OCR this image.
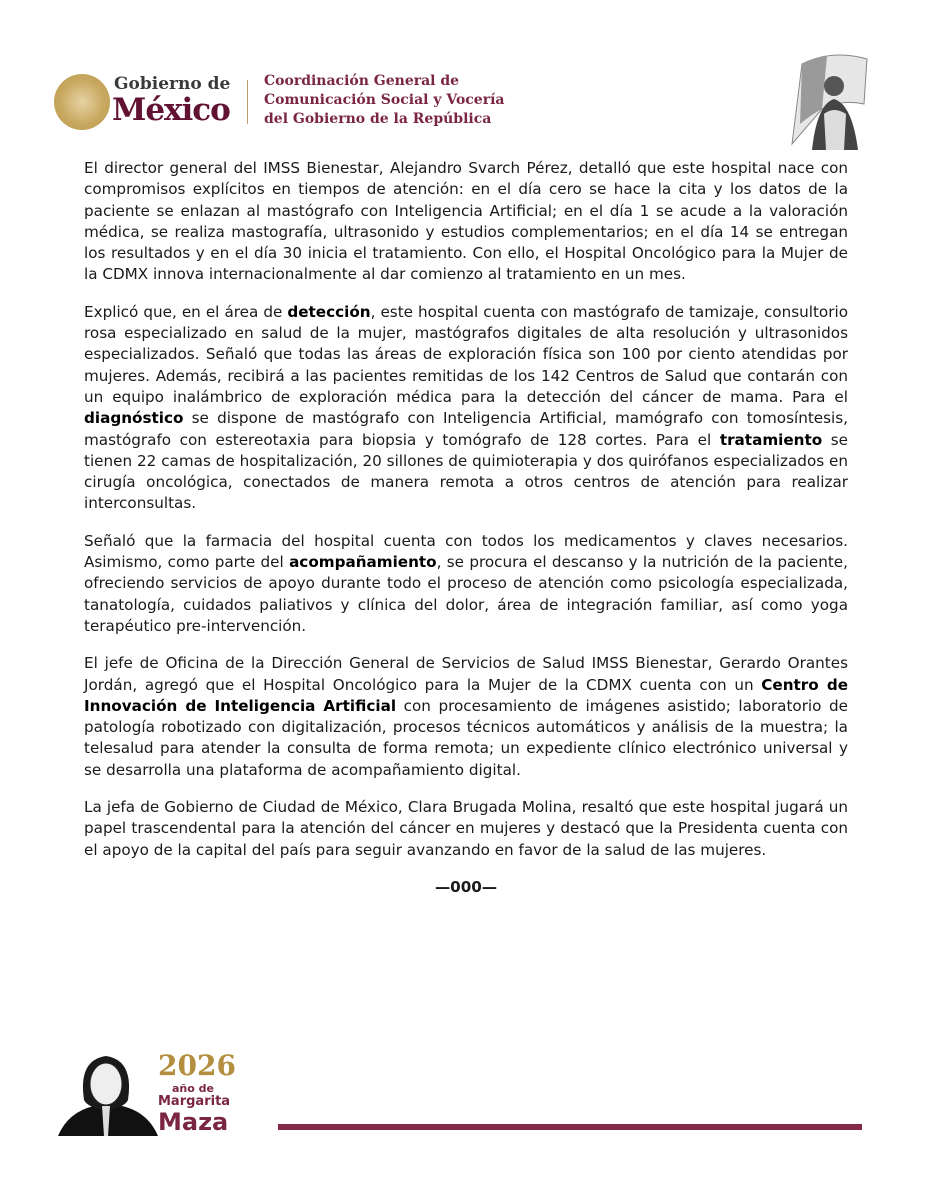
Gobierno de
México
Coordinación General de
Comunicación Social y Vocería
del Gobierno de la República

El director general del IMSS Bienestar, Alejandro Svarch Pérez, detalló que este hospital nace con compromisos explícitos en tiempos de atención: en el día cero se hace la cita y los datos de la paciente se enlazan al mastógrafo con Inteligencia Artificial; en el día 1 se acude a la valoración médica, se realiza mastografía, ultrasonido y estudios complementarios; en el día 14 se entregan los resultados y en el día 30 inicia el tratamiento. Con ello, el Hospital Oncológico para la Mujer de la CDMX innova internacionalmente al dar comienzo al tratamiento en un mes.

Explicó que, en el área de detección, este hospital cuenta con mastógrafo de tamizaje, consultorio rosa especializado en salud de la mujer, mastógrafos digitales de alta resolución y ultrasonidos especializados. Señaló que todas las áreas de exploración física son 100 por ciento atendidas por mujeres. Además, recibirá a las pacientes remitidas de los 142 Centros de Salud que contarán con un equipo inalámbrico de exploración médica para la detección del cáncer de mama. Para el diagnóstico se dispone de mastógrafo con Inteligencia Artificial, mamógrafo con tomosíntesis, mastógrafo con estereotaxia para biopsia y tomógrafo de 128 cortes. Para el tratamiento se tienen 22 camas de hospitalización, 20 sillones de quimioterapia y dos quirófanos especializados en cirugía oncológica, conectados de manera remota a otros centros de atención para realizar interconsultas.

Señaló que la farmacia del hospital cuenta con todos los medicamentos y claves necesarios. Asimismo, como parte del acompañamiento, se procura el descanso y la nutrición de la paciente, ofreciendo servicios de apoyo durante todo el proceso de atención como psicología especializada, tanatología, cuidados paliativos y clínica del dolor, área de integración familiar, así como yoga terapéutico pre-intervención.

El jefe de Oficina de la Dirección General de Servicios de Salud IMSS Bienestar, Gerardo Orantes Jordán, agregó que el Hospital Oncológico para la Mujer de la CDMX cuenta con un Centro de Innovación de Inteligencia Artificial con procesamiento de imágenes asistido; laboratorio de patología robotizado con digitalización, procesos técnicos automáticos y análisis de la muestra; la telesalud para atender la consulta de forma remota; un expediente clínico electrónico universal y se desarrolla una plataforma de acompañamiento digital.

La jefa de Gobierno de Ciudad de México, Clara Brugada Molina, resaltó que este hospital jugará un papel trascendental para la atención del cáncer en mujeres y destacó que la Presidenta cuenta con el apoyo de la capital del país para seguir avanzando en favor de la salud de las mujeres.

—000—
2026
año de
Margarita
Maza
